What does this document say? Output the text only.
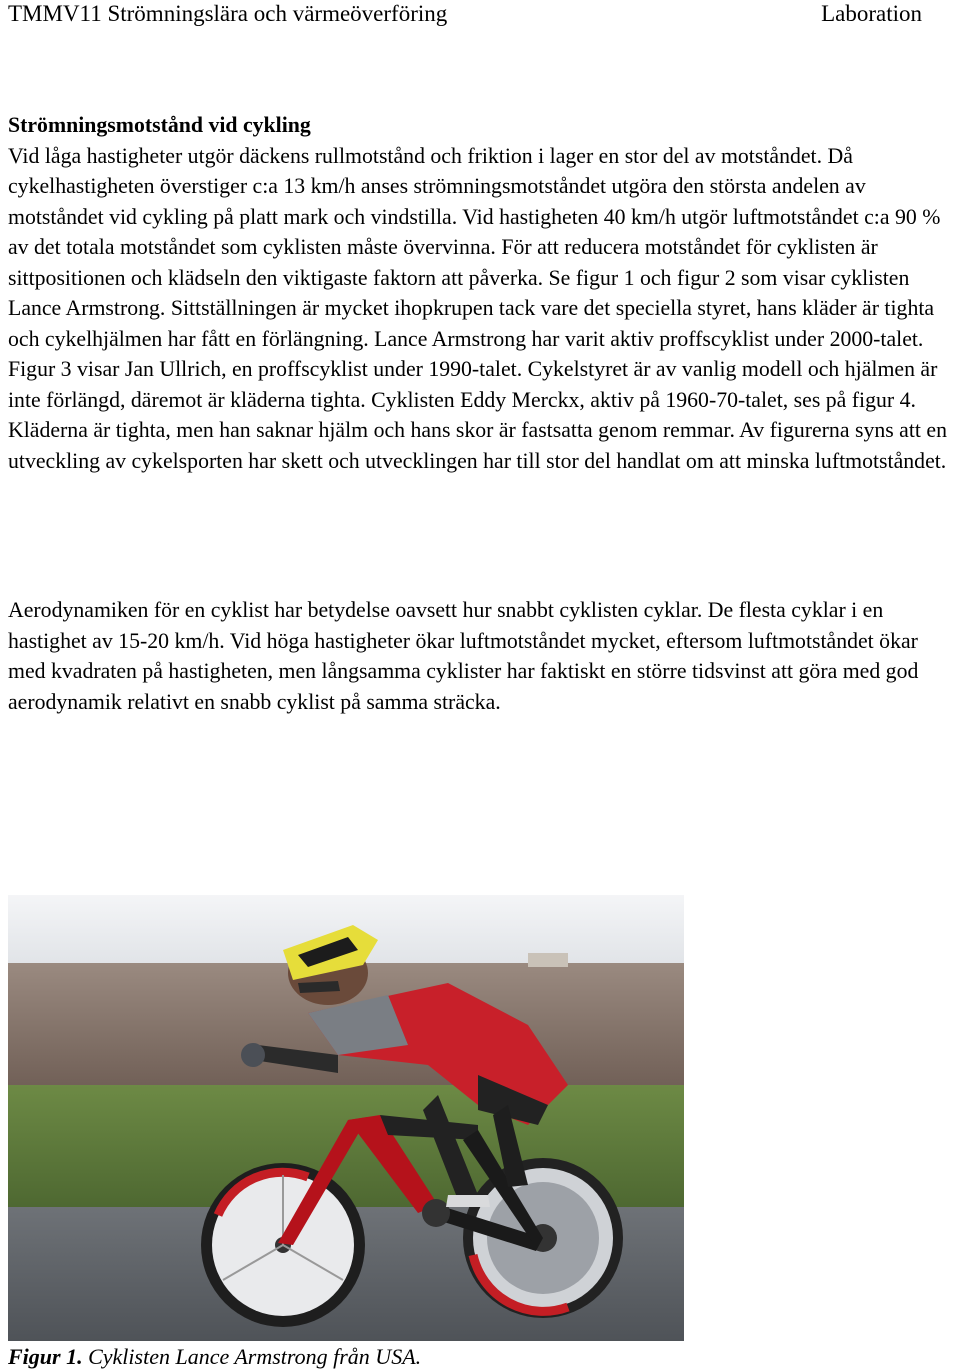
TMMV11 Strömningslära och värmeöverföring	Laboration

Strömningsmotstånd vid cykling

Vid låga hastigheter utgör däckens rullmotstånd och friktion i lager en stor del av motståndet. Då cykelhastigheten överstiger c:a 13 km/h anses strömningsmotståndet utgöra den största andelen av motståndet vid cykling på platt mark och vindstilla. Vid hastigheten 40 km/h utgör luftmotståndet c:a 90 % av det totala motståndet som cyklisten måste övervinna. För att reducera motståndet för cyklisten är sittpositionen och klädseln den viktigaste faktorn att påverka. Se figur 1 och figur 2 som visar cyklisten Lance Armstrong. Sittställningen är mycket ihopkrupen tack vare det speciella styret, hans kläder är tighta och cykelhjälmen har fått en förlängning. Lance Armstrong har varit aktiv proffscyklist under 2000-talet. Figur 3 visar Jan Ullrich, en proffscyklist under 1990-talet. Cykelstyret är av vanlig modell och hjälmen är inte förlängd, däremot är kläderna tighta. Cyklisten Eddy Merckx, aktiv på 1960-70-talet, ses på figur 4. Kläderna är tighta, men han saknar hjälm och hans skor är fastsatta genom remmar. Av figurerna syns att en utveckling av cykelsporten har skett och utvecklingen har till stor del handlat om att minska luftmotståndet.

Aerodynamiken för en cyklist har betydelse oavsett hur snabbt cyklisten cyklar. De flesta cyklar i en hastighet av 15-20 km/h. Vid höga hastigheter ökar luftmotståndet mycket, eftersom luftmotståndet ökar med kvadraten på hastigheten, men långsamma cyklister har faktiskt en större tidsvinst att göra med god aerodynamik relativt en snabb cyklist på samma sträcka.

Figur 1. Cyklisten Lance Armstrong från USA.
